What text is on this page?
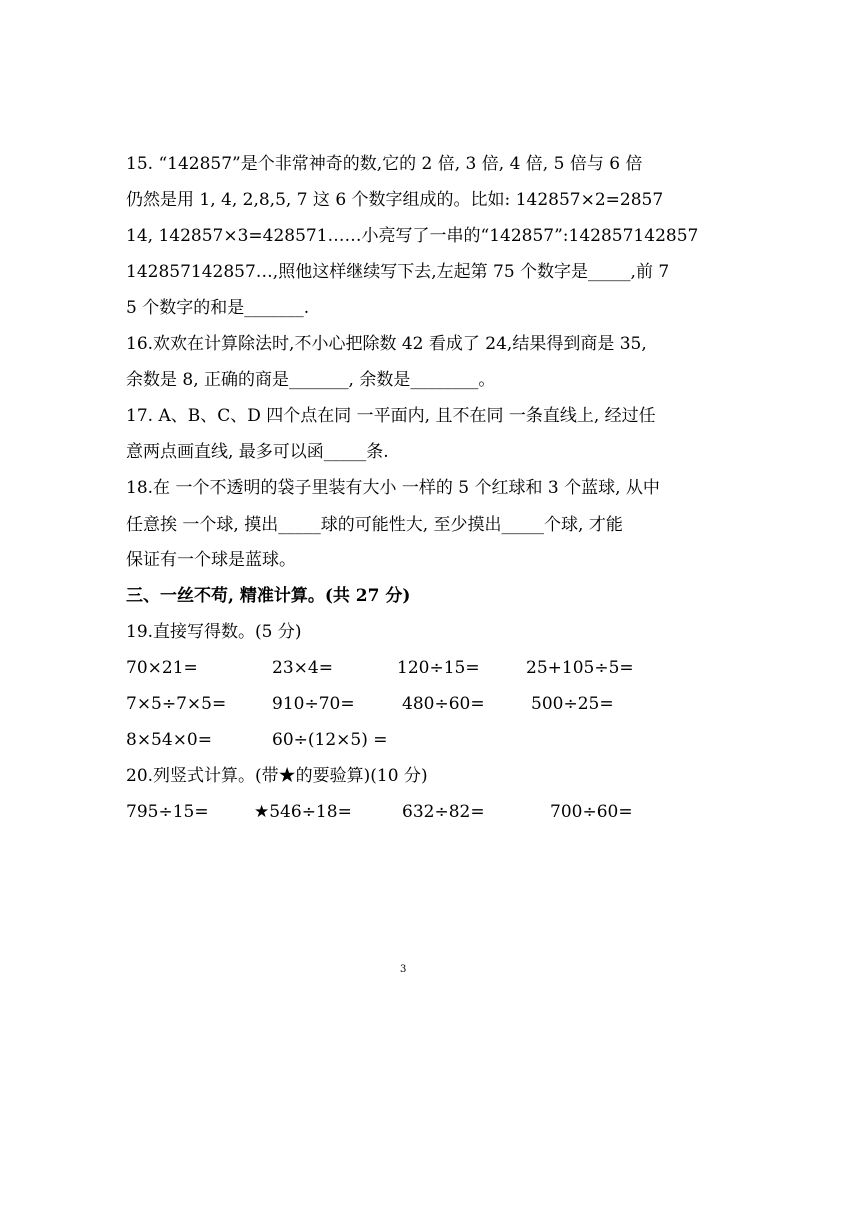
15. “142857”是个非常神奇的数,它的 2 倍, 3 倍, 4 倍, 5 倍与 6 倍
仍然是用 1, 4, 2,8,5, 7 这 6 个数字组成的。比如: 142857×2=2857
14, 142857×3=428571……小亮写了一串的“142857”:142857142857
142857142857…,照他这样继续写下去,左起第 75 个数字是_____,前 7
5 个数字的和是_______.
16.欢欢在计算除法时,不小心把除数 42 看成了 24,结果得到商是 35,
余数是 8, 正确的商是_______, 余数是________。
17. A、B、C、D 四个点在同 一平面内, 且不在同 一条直线上, 经过任
意两点画直线, 最多可以函_____条.
18.在 一个不透明的袋子里装有大小 一样的 5 个红球和 3 个蓝球, 从中
任意挨 一个球, 摸出_____球的可能性大, 至少摸出_____个球, 才能
保证有一个球是蓝球。
三、一丝不苟, 精准计算。(共 27 分)
19.直接写得数。(5 分)
70×21=	23×4=	120÷15=	25+105÷5=
7×5÷7×5=	910÷70=	480÷60=	500÷25=
8×54×0=	60÷(12×5) =
20.列竖式计算。(带★的要验算)(10 分)
795÷15=	★546÷18=	632÷82=	700÷60=
3
